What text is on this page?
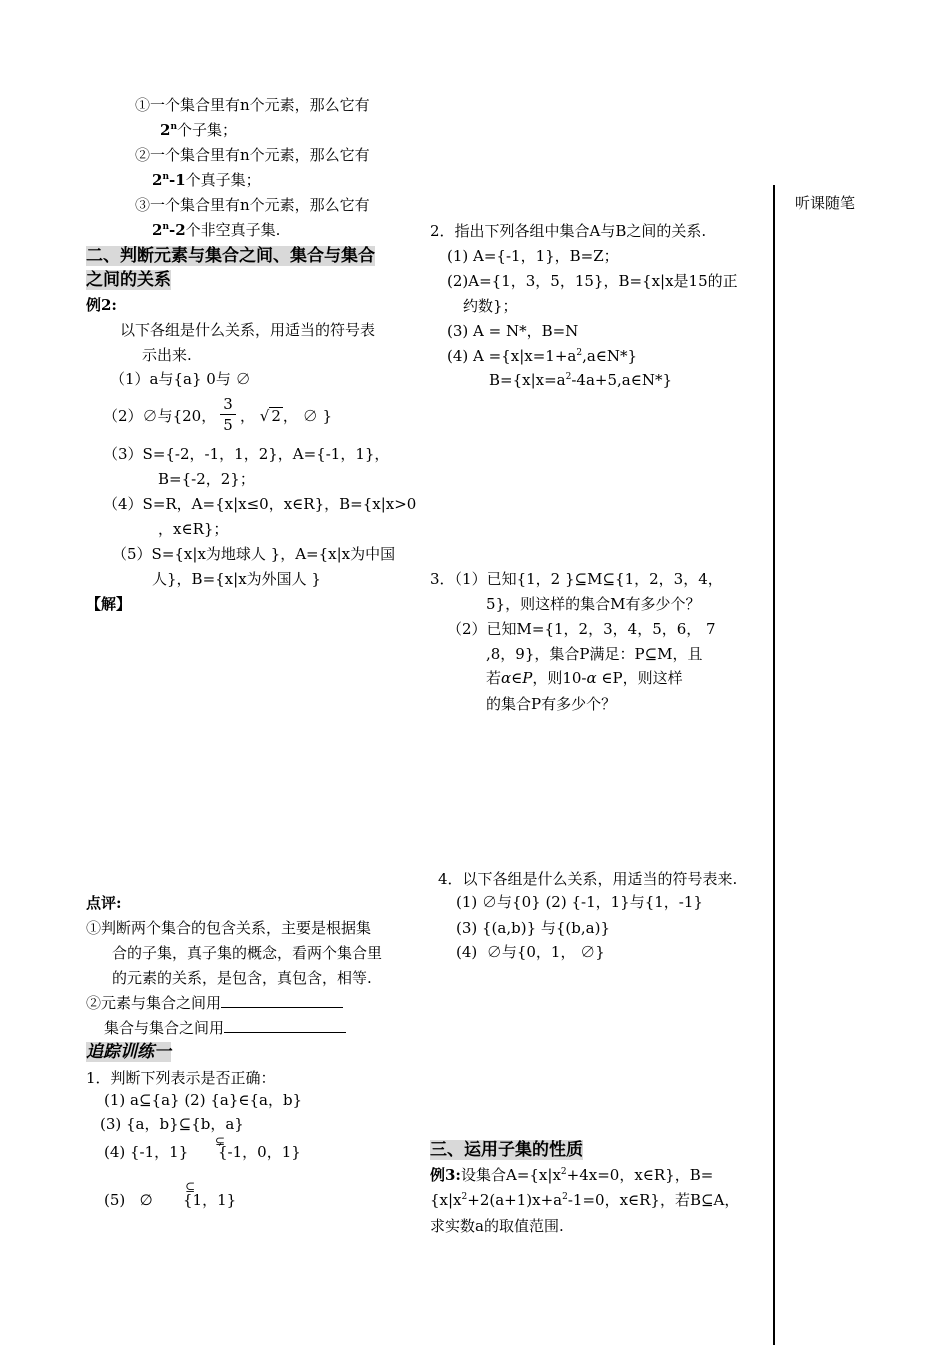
听课随笔
①一个集合里有n个元素，那么它有
2$^n$个子集；
②一个集合里有n个元素，那么它有
2$^n$-1个真子集；
③一个集合里有n个元素，那么它有
2$^n$-2个非空真子集.
二、判断元素与集合之间、集合与集合
之间的关系
例2:
以下各组是什么关系，用适当的符号表
示出来.
（1）a与{a} 0与 ∅
（2）∅与{20，
3
5 ， √ 2 ， ∅ }
（3）S={-2，-1，1，2}，A={-1，1}，
B={-2，2}；
（4）S=R，A={x|x≤0，x∈R}，B={x|x>0
，x∈R}；
（5）S={x|x为地球人 }，A={x|x为中国
人}，B={x|x为外国人 }
【解】
点评:
①判断两个集合的包含关系，主要是根据集
合的子集，真子集的概念，看两个集合里
的元素的关系，是包含，真包含，相等.
②元素与集合之间用
集合与集合之间用
追踪训练一
1．判断下列表示是否正确：
(1) a⊆{a} (2) {a}∈{a，b}
(3) {a，b}⊆{b，a}
(4) {-1，1}
⊊
{-1，0，1}
(5) ∅
⊆
{1，1}
2．指出下列各组中集合A与B之间的关系.
(1) A={-1，1}，B=Z；
(2)A={1，3，5，15}，B={x|x是15的正
约数}；
(3) A = N*，B=N
(4) $A =\{x|x=1+a^2,a\in N*\}$
$B=\{x|x=a^2-4a+5,a\in N*\}$
3．（1）已知{1，2 }⊆M⊆{1，2，3，4，
5}，则这样的集合M有多少个？
（2）已知M={1，2，3，4，5，6， 7
,8，9}，集合P满足：P⊆M，且
若α∈P，则10-α ∈P，则这样
的集合P有多少个？
4．以下各组是什么关系，用适当的符号表来.
(1) ∅与{0} (2) {-1，1}与{1，-1}
(3) {(a,b)} 与{(b,a)}
(4) ∅与{0，1， ∅}
三、运用子集的性质
例3:设集合$A=\{x|x^2+4x=0$，x∈R}，B=
{$x|x^2+2(a+1)x+a^2-1=0$，x∈R}，若B⊆A，
求实数a的取值范围.
